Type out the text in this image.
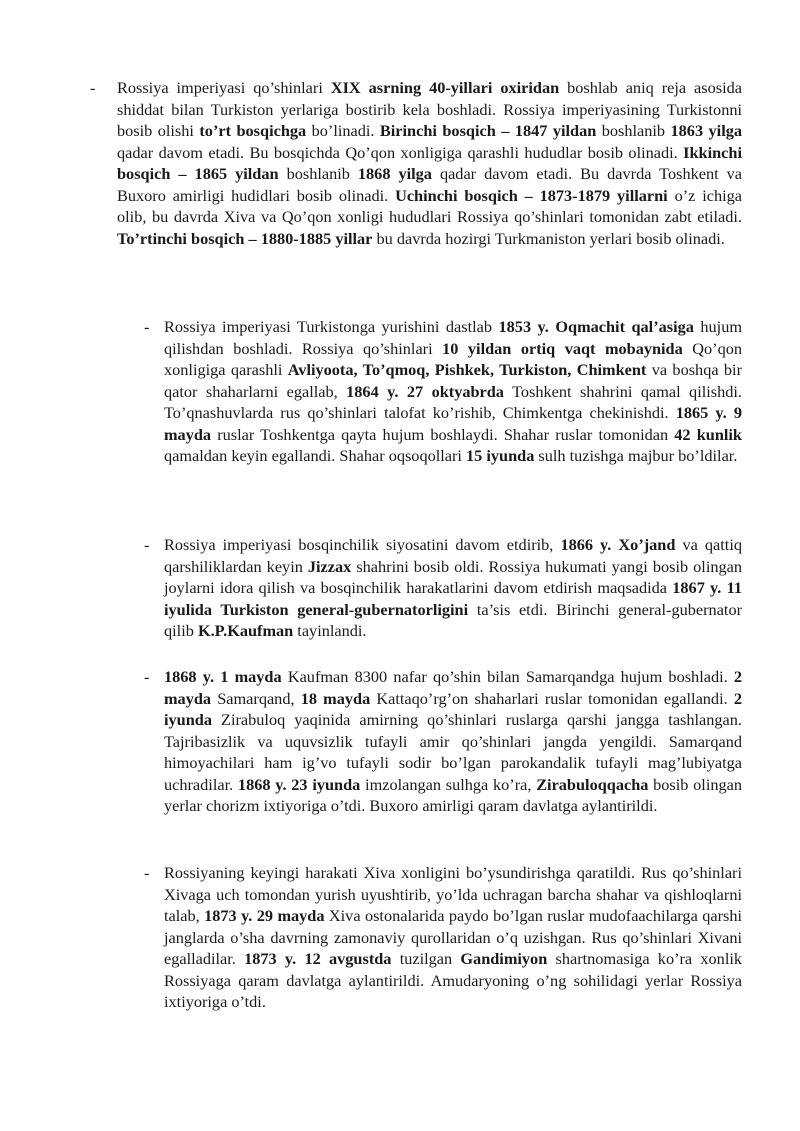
- Rossiya imperiyasi qo’shinlari XIX asrning 40-yillari oxiridan boshlab aniq reja asosida shiddat bilan Turkiston yerlariga bostirib kela boshladi. Rossiya imperiyasining Turkistonni bosib olishi to’rt bosqichga bo’linadi. Birinchi bosqich – 1847 yildan boshlanib 1863 yilga qadar davom etadi. Bu bosqichda Qo’qon xonligiga qarashli hududlar bosib olinadi. Ikkinchi bosqich – 1865 yildan boshlanib 1868 yilga qadar davom etadi. Bu davrda Toshkent va Buxoro amirligi hudidlari bosib olinadi. Uchinchi bosqich – 1873-1879 yillarni o’z ichiga olib, bu davrda Xiva va Qo’qon xonligi hududlari Rossiya qo’shinlari tomonidan zabt etiladi. To’rtinchi bosqich – 1880-1885 yillar bu davrda hozirgi Turkmaniston yerlari bosib olinadi.

- Rossiya imperiyasi Turkistonga yurishini dastlab 1853 y. Oqmachit qal’asiga hujum qilishdan boshladi. Rossiya qo’shinlari 10 yildan ortiq vaqt mobaynida Qo’qon xonligiga qarashli Avliyoota, To’qmoq, Pishkek, Turkiston, Chimkent va boshqa bir qator shaharlarni egallab, 1864 y. 27 oktyabrda Toshkent shahrini qamal qilishdi. To’qnashuvlarda rus qo’shinlari talofat ko’rishib, Chimkentga chekinishdi. 1865 y. 9 mayda ruslar Toshkentga qayta hujum boshlaydi. Shahar ruslar tomonidan 42 kunlik qamaldan keyin egallandi. Shahar oqsoqollari 15 iyunda sulh tuzishga majbur bo’ldilar.

- Rossiya imperiyasi bosqinchilik siyosatini davom etdirib, 1866 y. Xo’jand va qattiq qarshiliklardan keyin Jizzax shahrini bosib oldi. Rossiya hukumati yangi bosib olingan joylarni idora qilish va bosqinchilik harakatlarini davom etdirish maqsadida 1867 y. 11 iyulida Turkiston general-gubernatorligini ta’sis etdi. Birinchi general-gubernator qilib K.P.Kaufman tayinlandi.

- 1868 y. 1 mayda Kaufman 8300 nafar qo’shin bilan Samarqandga hujum boshladi. 2 mayda Samarqand, 18 mayda Kattaqo’rg’on shaharlari ruslar tomonidan egallandi. 2 iyunda Zirabuloq yaqinida amirning qo’shinlari ruslarga qarshi jangga tashlangan. Tajribasizlik va uquvsizlik tufayli amir qo’shinlari jangda yengildi. Samarqand himoyachilari ham ig’vo tufayli sodir bo’lgan parokandalik tufayli mag’lubiyatga uchradilar. 1868 y. 23 iyunda imzolangan sulhga ko’ra, Zirabuloqqacha bosib olingan yerlar chorizm ixtiyoriga o’tdi. Buxoro amirligi qaram davlatga aylantirildi.

- Rossiyaning keyingi harakati Xiva xonligini bo’ysundirishga qaratildi. Rus qo’shinlari Xivaga uch tomondan yurish uyushtirib, yo’lda uchragan barcha shahar va qishloqlarni talab, 1873 y. 29 mayda Xiva ostonalarida paydo bo’lgan ruslar mudofaachilarga qarshi janglarda o’sha davrning zamonaviy qurollaridan o’q uzishgan. Rus qo’shinlari Xivani egalladilar. 1873 y. 12 avgustda tuzilgan Gandimiyon shartnomasiga ko’ra xonlik Rossiyaga qaram davlatga aylantirildi. Amudaryoning o’ng sohilidagi yerlar Rossiya ixtiyoriga o’tdi.
